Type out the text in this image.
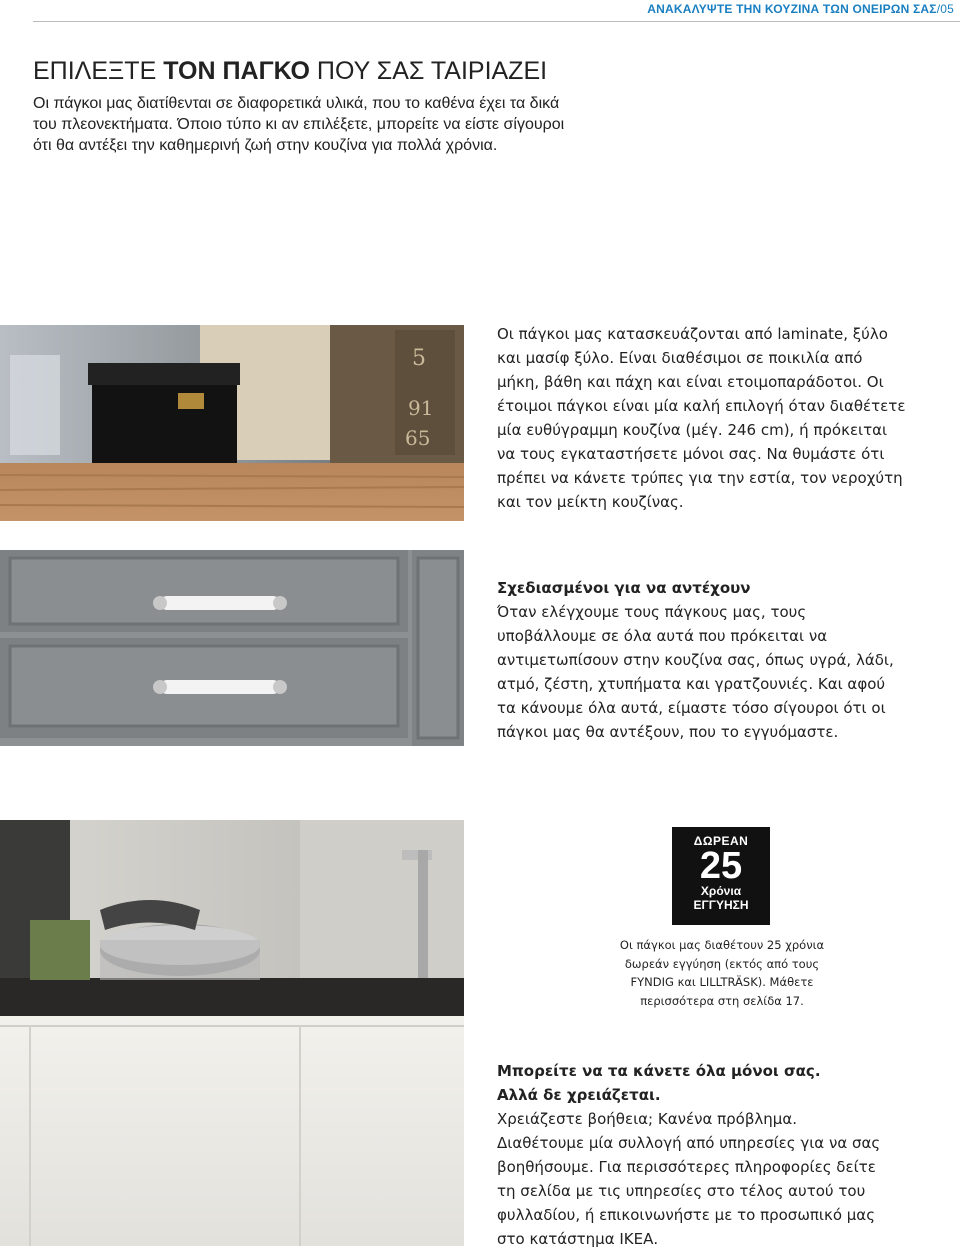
ΑΝΑΚΑΛΥΨΤΕ ΤΗΝ ΚΟΥΖΙΝΑ ΤΩΝ ΟΝΕΙΡΩΝ ΣΑΣ/05
ΕΠΙΛΕΞΤΕ ΤΟΝ ΠΑΓΚΟ ΠΟΥ ΣΑΣ ΤΑΙΡΙΑΖΕΙ
Οι πάγκοι μας διατίθενται σε διαφορετικά υλικά, που το καθένα έχει τα δικά
του πλεονεκτήματα. Όποιο τύπο κι αν επιλέξετε, μπορείτε να είστε σίγουροι
ότι θα αντέξει την καθημερινή ζωή στην κουζίνα για πολλά χρόνια.
5
91
65
Οι πάγκοι μας κατασκευάζονται από laminate, ξύλο
και μασίφ ξύλο. Είναι διαθέσιμοι σε ποικιλία από
μήκη, βάθη και πάχη και είναι ετοιμοπαράδοτοι. Οι
έτοιμοι πάγκοι είναι μία καλή επιλογή όταν διαθέτετε
μία ευθύγραμμη κουζίνα (μέγ. 246 cm), ή πρόκειται
να τους εγκαταστήσετε μόνοι σας. Να θυμάστε ότι
πρέπει να κάνετε τρύπες για την εστία, τον νεροχύτη
και τον μείκτη κουζίνας.
Σχεδιασμένοι για να αντέχουν
Όταν ελέγχουμε τους πάγκους μας, τους
υποβάλλουμε σε όλα αυτά που πρόκειται να
αντιμετωπίσουν στην κουζίνα σας, όπως υγρά, λάδι,
ατμό, ζέστη, χτυπήματα και γρατζουνιές. Και αφού
τα κάνουμε όλα αυτά, είμαστε τόσο σίγουροι ότι οι
πάγκοι μας θα αντέξουν, που το εγγυόμαστε.
ΔΩΡΕΑΝ
25
Χρόνια
ΕΓΓΥΗΣΗ
Οι πάγκοι μας διαθέτουν 25 χρόνια
δωρεάν εγγύηση (εκτός από τους
FYNDIG και LILLTRÄSK). Μάθετε
περισσότερα στη σελίδα 17.
Μπορείτε να τα κάνετε όλα μόνοι σας.
Αλλά δε χρειάζεται.
Χρειάζεστε βοήθεια; Κανένα πρόβλημα.
Διαθέτουμε μία συλλογή από υπηρεσίες για να σας
βοηθήσουμε. Για περισσότερες πληροφορίες δείτε
τη σελίδα με τις υπηρεσίες στο τέλος αυτού του
φυλλαδίου, ή επικοινωνήστε με το προσωπικό μας
στο κατάστημα ΙΚΕΑ.
